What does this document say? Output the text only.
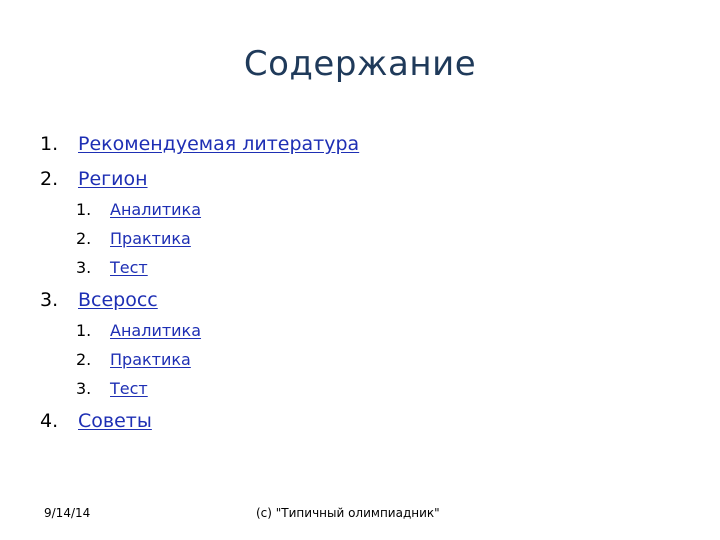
Содержание
1.	Рекомендуемая литература
2.	Регион
1.	Аналитика
2.	Практика
3.	Тест
3.	Всеросс
1.	Аналитика
2.	Практика
3.	Тест
4.	Советы
9/14/14	(c) "Типичный олимпиадник"
